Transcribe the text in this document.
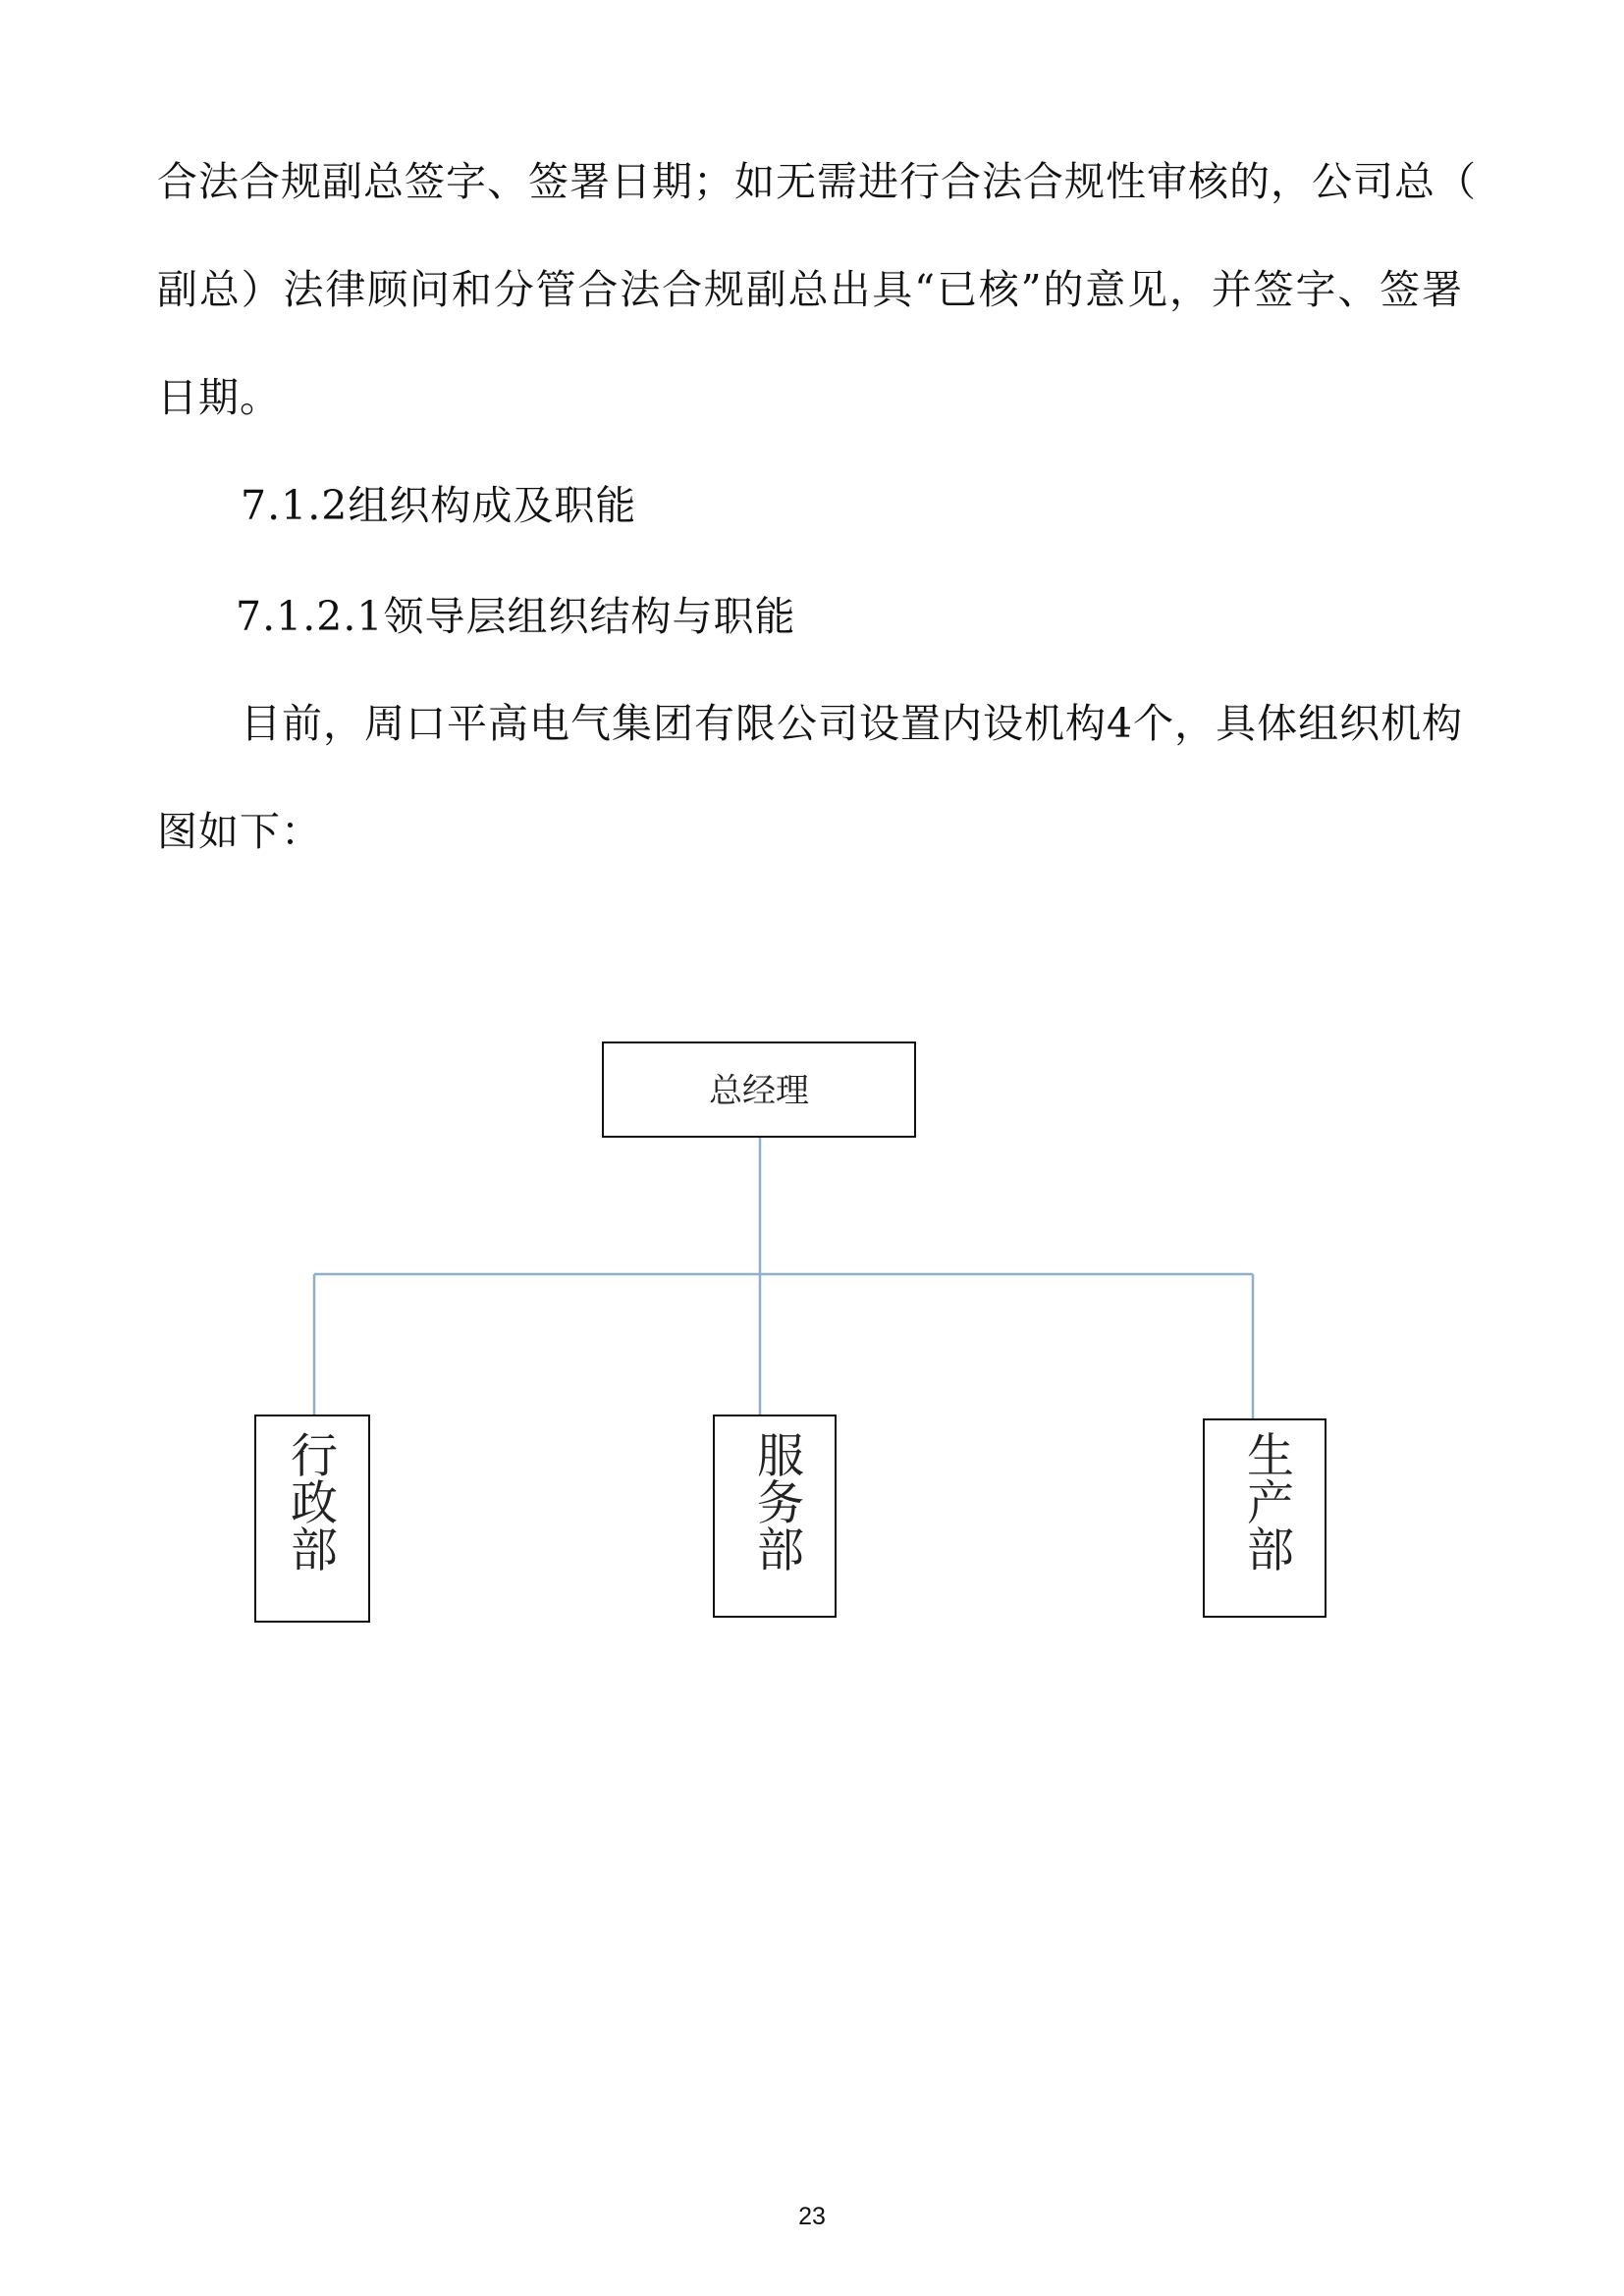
合法合规副总签字、签署日期；如无需进行合法合规性审核的，公司总（
副总）法律顾问和分管合法合规副总出具“已核”的意见，并签字、签署
日期。
7.1.2组织构成及职能
7.1.2.1领导层组织结构与职能
目前，周口平高电气集团有限公司设置内设机构4个，具体组织机构
图如下：
总经理
行
政
部
服
务
部
生
产
部
23
